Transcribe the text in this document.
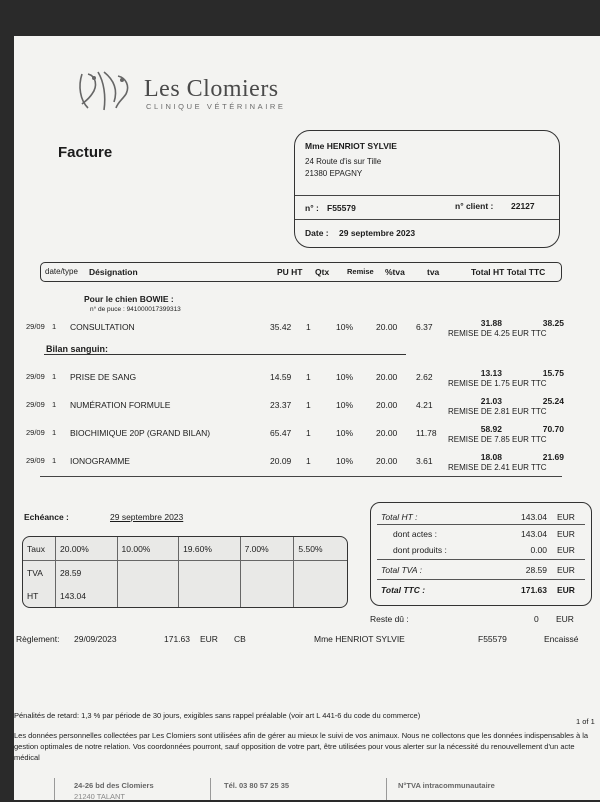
Les Clomiers
CLINIQUE VÉTÉRINAIRE
Facture	Mme HENRIOT SYLVIE
24 Route d'is sur Tille
21380 EPAGNY
n° : F55579	n° client : 22127
Date : 29 septembre 2023
date/type Désignation	PU HT Qtx Remise %tva	tva	Total HT Total TTC
Pour le chien BOWIE :
n° de puce : 941000017399313
Bilan sanguin:
29/09 1 CONSULTATION	35.42 1	10%	20.00 6.37	31.88	38.25
REMISE DE 4.25 EUR TTC
29/09 1 PRISE DE SANG	14.59 1	10%	20.00 2.62	13.13	15.75
REMISE DE 1.75 EUR TTC
29/09 1 NUMÉRATION FORMULE	23.37 1	10%	20.00 4.21	21.03	25.24
REMISE DE 2.81 EUR TTC
29/09 1 BIOCHIMIQUE 20P (GRAND BILAN)	65.47 1	10%	20.00 11.78	58.92	70.70
REMISE DE 7.85 EUR TTC
29/09 1 IONOGRAMME	20.09 1	10%	20.00 3.61	18.08	21.69
REMISE DE 2.41 EUR TTC
Echéance :	29 septembre 2023
Taux	20.00%	10.00%	19.60%	7.00%	5.50%
TVA	28.59				
HT	143.04				
Total HT :	143.04 EUR
dont actes :	143.04 EUR
dont produits :	0.00 EUR
Total TVA :	28.59 EUR
Total TTC :	171.63 EUR
Reste dû :	0 EUR
Règlement: 29/09/2023	171.63 EUR CB	Mme HENRIOT SYLVIE	F55579	Encaissé
Pénalités de retard: 1,3 % par période de 30 jours, exigibles sans rappel préalable (voir art L 441-6 du code du commerce)
1 of 1
Les données personnelles collectées par Les Clomiers sont utilisées afin de gérer au mieux le suivi de vos animaux. Nous ne collectons que les données indispensables à la gestion optimales de notre relation. Vos coordonnées pourront, sauf opposition de votre part, être utilisées pour vous alerter sur la nécessité du renouvellement d'un acte médical
24-26 bd des Clomiers
21240 TALANT
Tél. 03 80 57 25 35	N°TVA intracommunautaire
